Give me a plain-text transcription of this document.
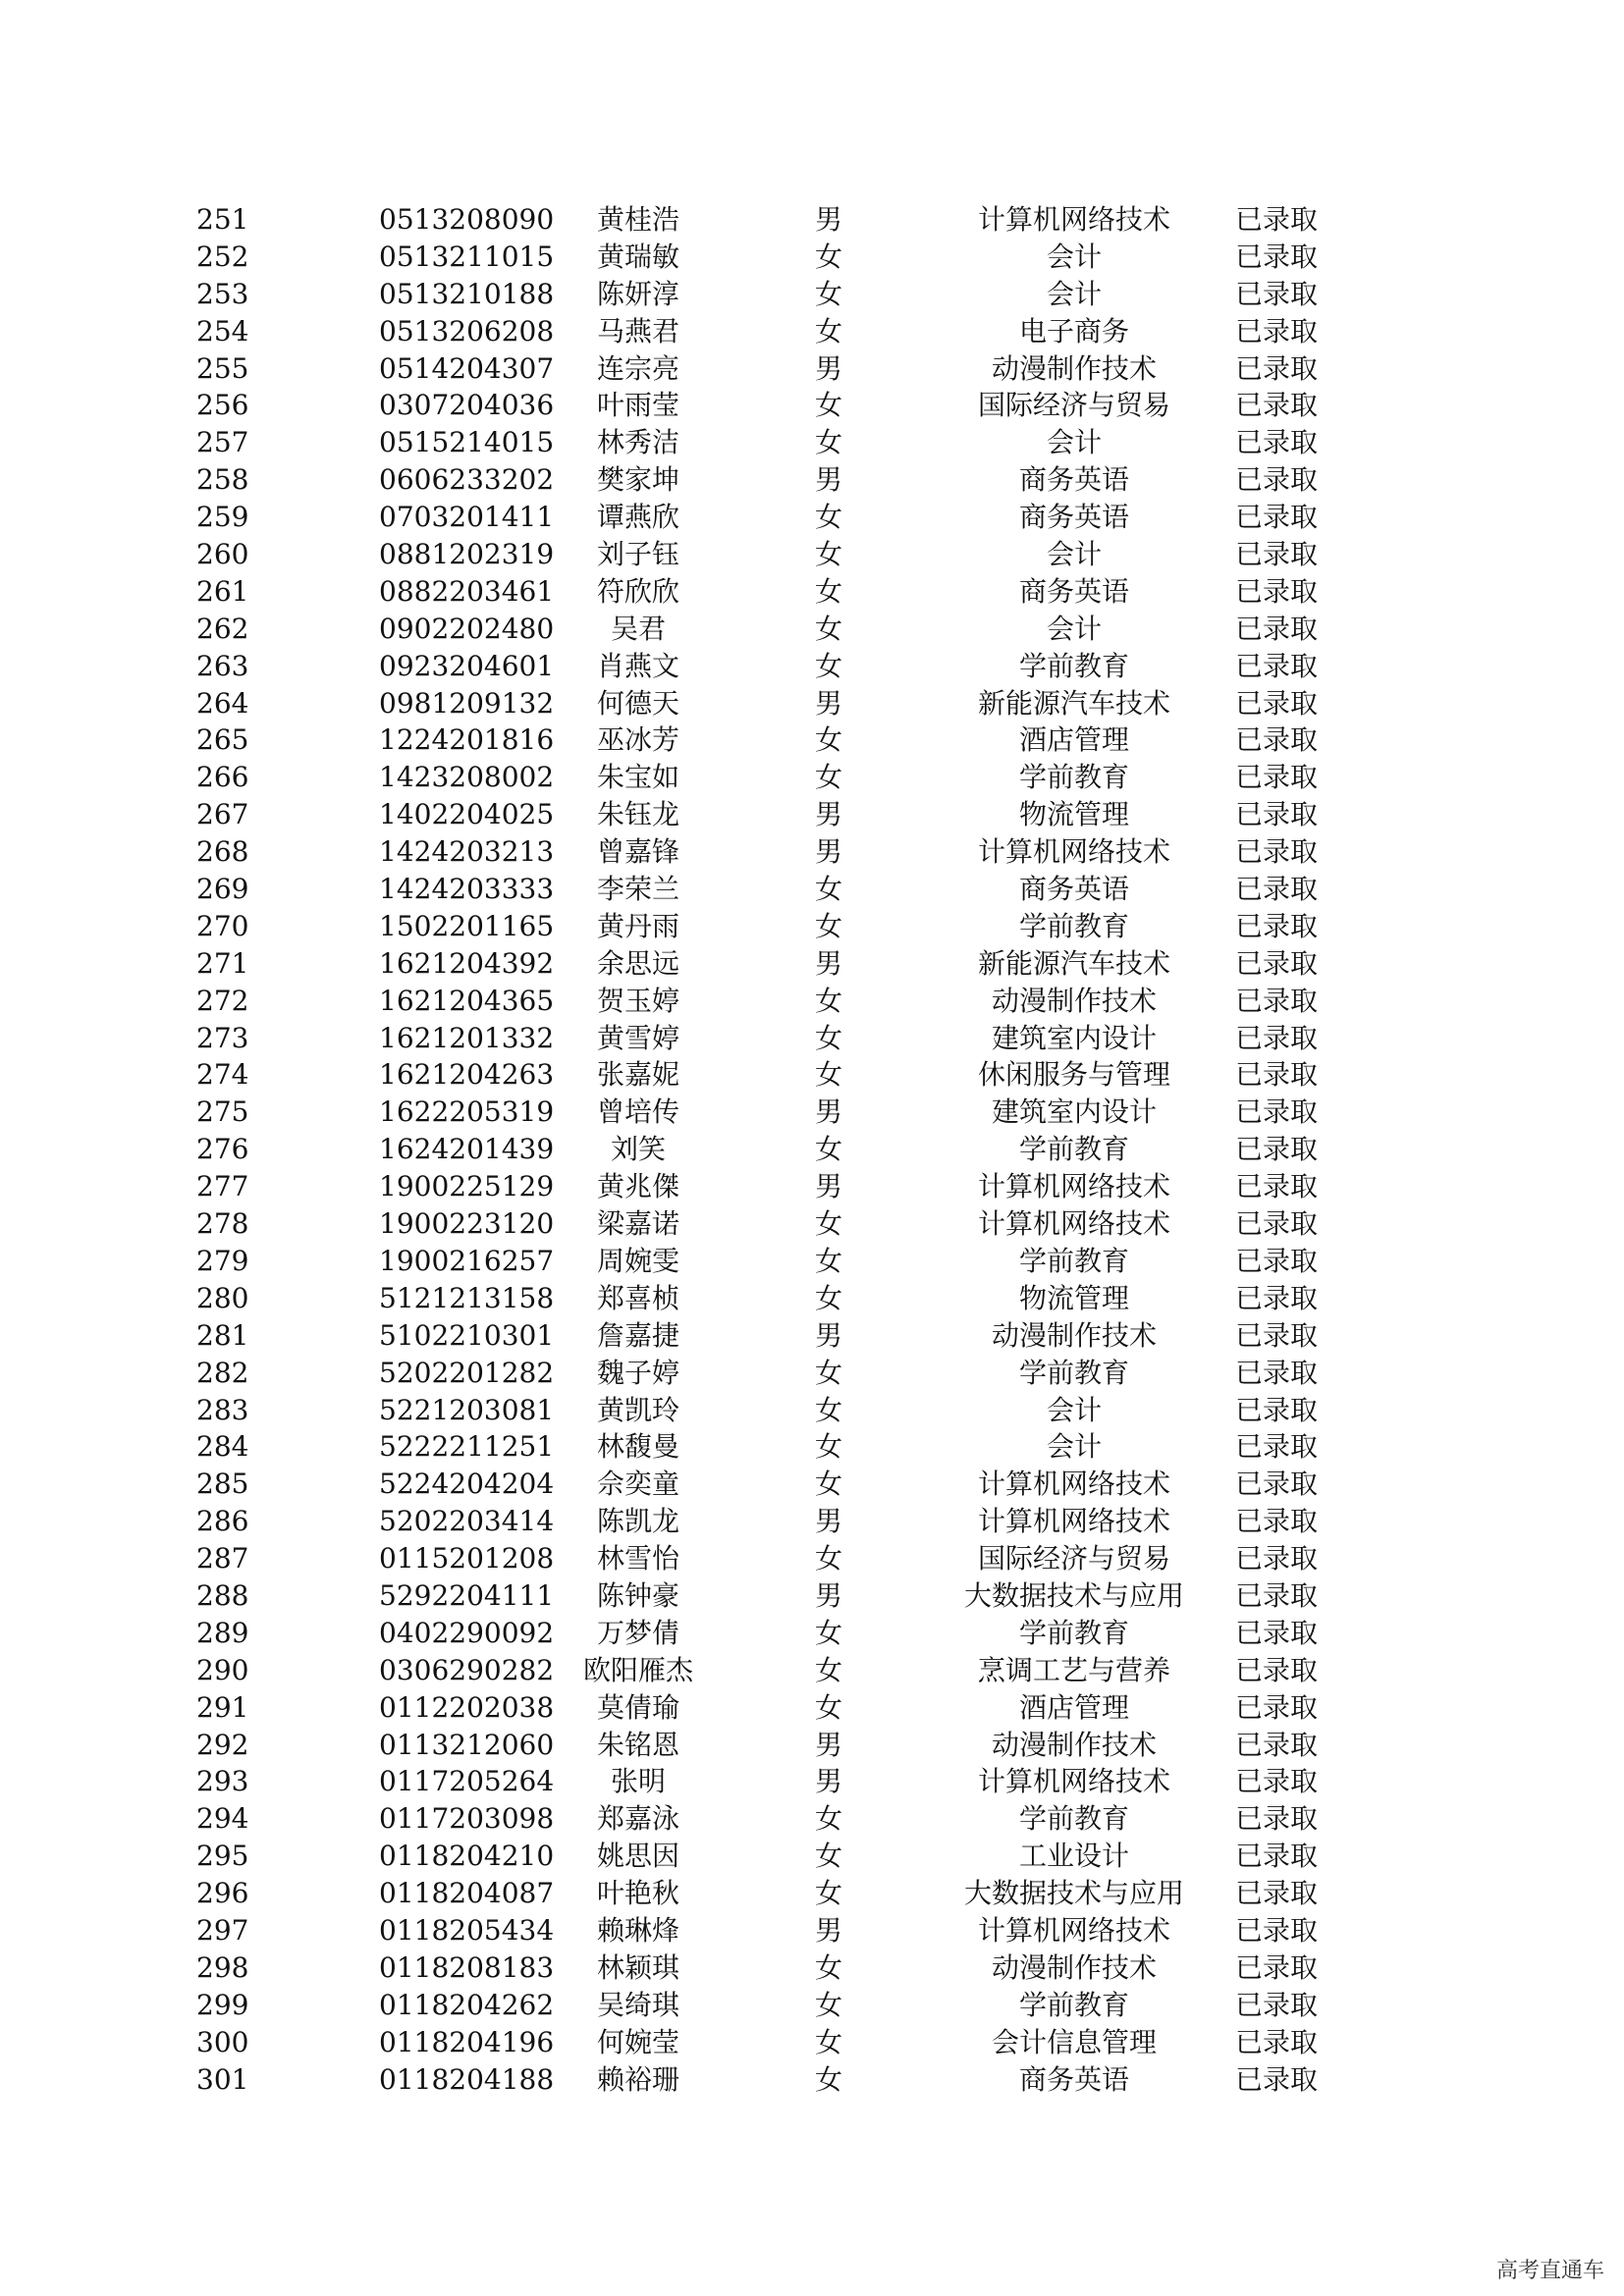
251	0513208090	黄桂浩	男	计算机网络技术	已录取
252	0513211015	黄瑞敏	女	会计	已录取
253	0513210188	陈妍淳	女	会计	已录取
254	0513206208	马燕君	女	电子商务	已录取
255	0514204307	连宗亮	男	动漫制作技术	已录取
256	0307204036	叶雨莹	女	国际经济与贸易	已录取
257	0515214015	林秀洁	女	会计	已录取
258	0606233202	樊家坤	男	商务英语	已录取
259	0703201411	谭燕欣	女	商务英语	已录取
260	0881202319	刘子钰	女	会计	已录取
261	0882203461	符欣欣	女	商务英语	已录取
262	0902202480	吴君	女	会计	已录取
263	0923204601	肖燕文	女	学前教育	已录取
264	0981209132	何德天	男	新能源汽车技术	已录取
265	1224201816	巫冰芳	女	酒店管理	已录取
266	1423208002	朱宝如	女	学前教育	已录取
267	1402204025	朱钰龙	男	物流管理	已录取
268	1424203213	曾嘉锋	男	计算机网络技术	已录取
269	1424203333	李荣兰	女	商务英语	已录取
270	1502201165	黄丹雨	女	学前教育	已录取
271	1621204392	余思远	男	新能源汽车技术	已录取
272	1621204365	贺玉婷	女	动漫制作技术	已录取
273	1621201332	黄雪婷	女	建筑室内设计	已录取
274	1621204263	张嘉妮	女	休闲服务与管理	已录取
275	1622205319	曾培传	男	建筑室内设计	已录取
276	1624201439	刘笑	女	学前教育	已录取
277	1900225129	黄兆傑	男	计算机网络技术	已录取
278	1900223120	梁嘉诺	女	计算机网络技术	已录取
279	1900216257	周婉雯	女	学前教育	已录取
280	5121213158	郑喜桢	女	物流管理	已录取
281	5102210301	詹嘉捷	男	动漫制作技术	已录取
282	5202201282	魏子婷	女	学前教育	已录取
283	5221203081	黄凯玲	女	会计	已录取
284	5222211251	林馥曼	女	会计	已录取
285	5224204204	佘奕童	女	计算机网络技术	已录取
286	5202203414	陈凯龙	男	计算机网络技术	已录取
287	0115201208	林雪怡	女	国际经济与贸易	已录取
288	5292204111	陈钟豪	男	大数据技术与应用	已录取
289	0402290092	万梦倩	女	学前教育	已录取
290	0306290282	欧阳雁杰	女	烹调工艺与营养	已录取
291	0112202038	莫倩瑜	女	酒店管理	已录取
292	0113212060	朱铭恩	男	动漫制作技术	已录取
293	0117205264	张明	男	计算机网络技术	已录取
294	0117203098	郑嘉泳	女	学前教育	已录取
295	0118204210	姚思因	女	工业设计	已录取
296	0118204087	叶艳秋	女	大数据技术与应用	已录取
297	0118205434	赖琳烽	男	计算机网络技术	已录取
298	0118208183	林颖琪	女	动漫制作技术	已录取
299	0118204262	吴绮琪	女	学前教育	已录取
300	0118204196	何婉莹	女	会计信息管理	已录取
301	0118204188	赖裕珊	女	商务英语	已录取
高考直通车
